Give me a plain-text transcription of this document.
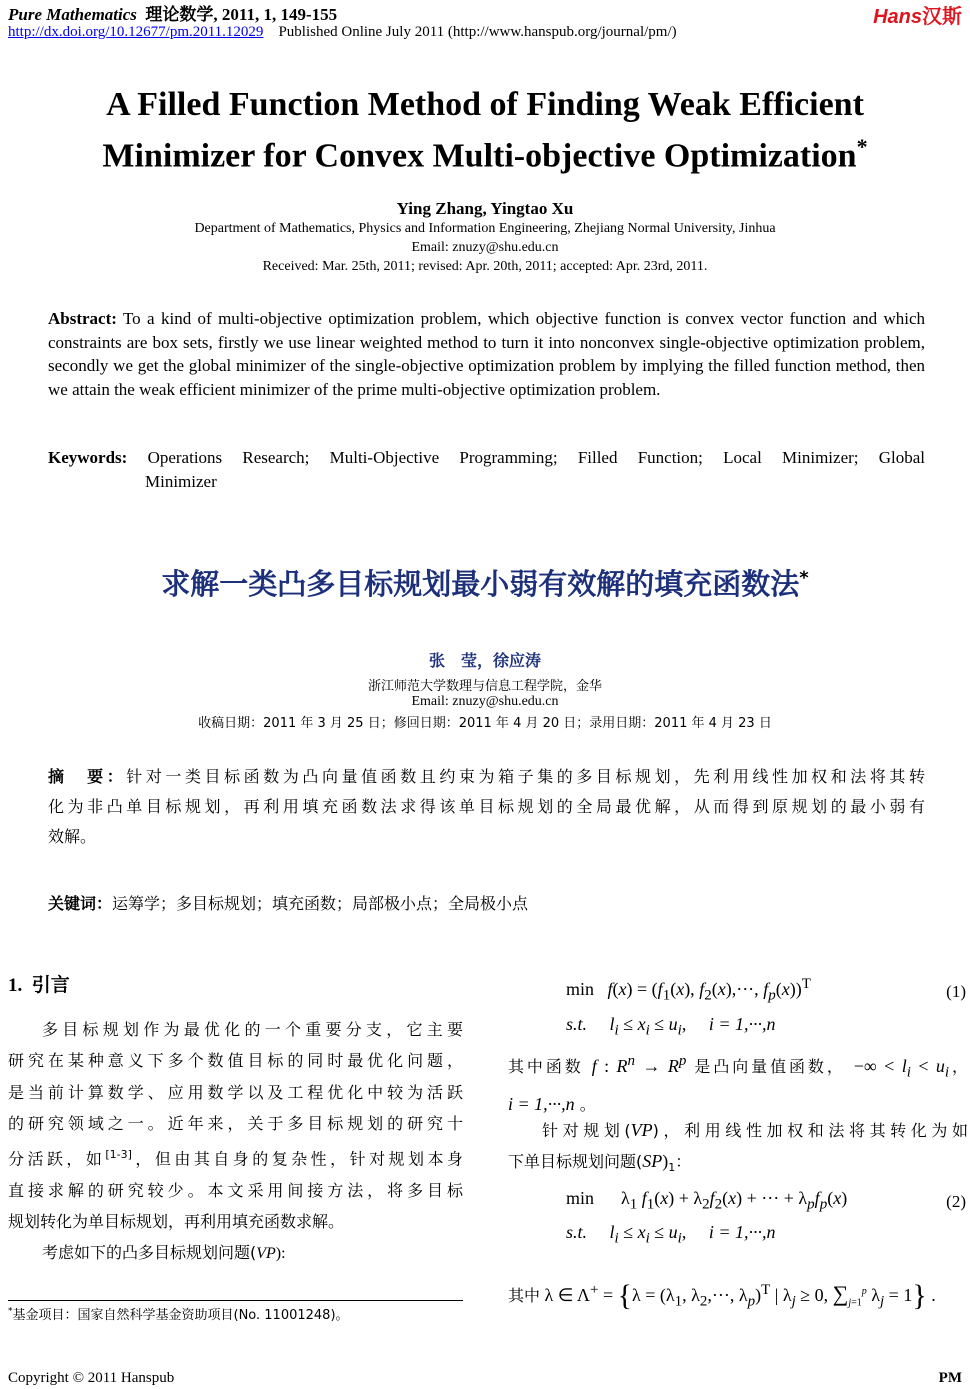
Pure Mathematics 理论数学, 2011, 1, 149-155
http://dx.doi.org/10.12677/pm.2011.12029 Published Online July 2011 (http://www.hanspub.org/journal/pm/)
Hans汉斯
A Filled Function Method of Finding Weak Efficient
Minimizer for Convex Multi-objective Optimization*
Ying Zhang, Yingtao Xu
Department of Mathematics, Physics and Information Engineering, Zhejiang Normal University, Jinhua
Email: znuzy@shu.edu.cn
Received: Mar. 25th, 2011; revised: Apr. 20th, 2011; accepted: Apr. 23rd, 2011.
Abstract: To a kind of multi-objective optimization problem, which objective function is convex vector function and which constraints are box sets, firstly we use linear weighted method to turn it into nonconvex single-objective optimization problem, secondly we get the global minimizer of the single-objective optimization problem by implying the filled function method, then we attain the weak efficient minimizer of the prime multi-objective optimization problem.
Keywords: Operations Research; Multi-Objective Programming; Filled Function; Local Minimizer; Global
Minimizer
求解一类凸多目标规划最小弱有效解的填充函数法*
张　莹，徐应涛
浙江师范大学数理与信息工程学院，金华
Email: znuzy@shu.edu.cn
收稿日期：2011 年 3 月 25 日；修回日期：2011 年 4 月 20 日；录用日期：2011 年 4 月 23 日
摘　要：针对一类目标函数为凸向量值函数且约束为箱子集的多目标规划，先利用线性加权和法将其转
化为非凸单目标规划，再利用填充函数法求得该单目标规划的全局最优解，从而得到原规划的最小弱有
效解。
关键词：运筹学；多目标规划；填充函数；局部极小点；全局极小点
1. 引言
多目标规划作为最优化的一个重要分支，它主要
研究在某种意义下多个数值目标的同时最优化问题，
是当前计算数学、应用数学以及工程优化中较为活跃
的研究领域之一。近年来，关于多目标规划的研究十
分活跃，如[1-3]，但由其自身的复杂性，针对规划本身
直接求解的研究较少。本文采用间接方法，将多目标
规划转化为单目标规划，再利用填充函数求解。
考虑如下的凸多目标规划问题(VP):
$\min f(x) = (f_1(x)$, $f_2(x),\cdot\cdot\cdot$, $f_p(x))^T$	(1)
s.t. $l_i \le x_i \le u_i$,     i = 1,···,n
其中函数 f : $R^n \to R^p$ 是凸向量值函数， −∞ < $l_i < u_i$，
i = 1,···,n 。
针对规划(VP)，利用线性加权和法将其转化为如
下单目标规划问题$(SP)_1$：
min      $\lambda_1$ $f_1(x) + \lambda_2f_2(x)$ + ··· + $\lambda_pf_p(x)$	(2)
s.t. $l_i \le x_i \le u_i$,     i = 1,···,n
其中 λ ∈ $\Lambda^+ = \{\lambda = (\lambda_1$, $\lambda_2,\cdot\cdot\cdot$, $\lambda_p)^T$ | $\lambda_j \ge 0$, $\sum_{j=1}^p$ $\lambda_j = 1$} .
*基金项目：国家自然科学基金资助项目(No. 11001248)。
Copyright © 2011 Hanspub	PM
